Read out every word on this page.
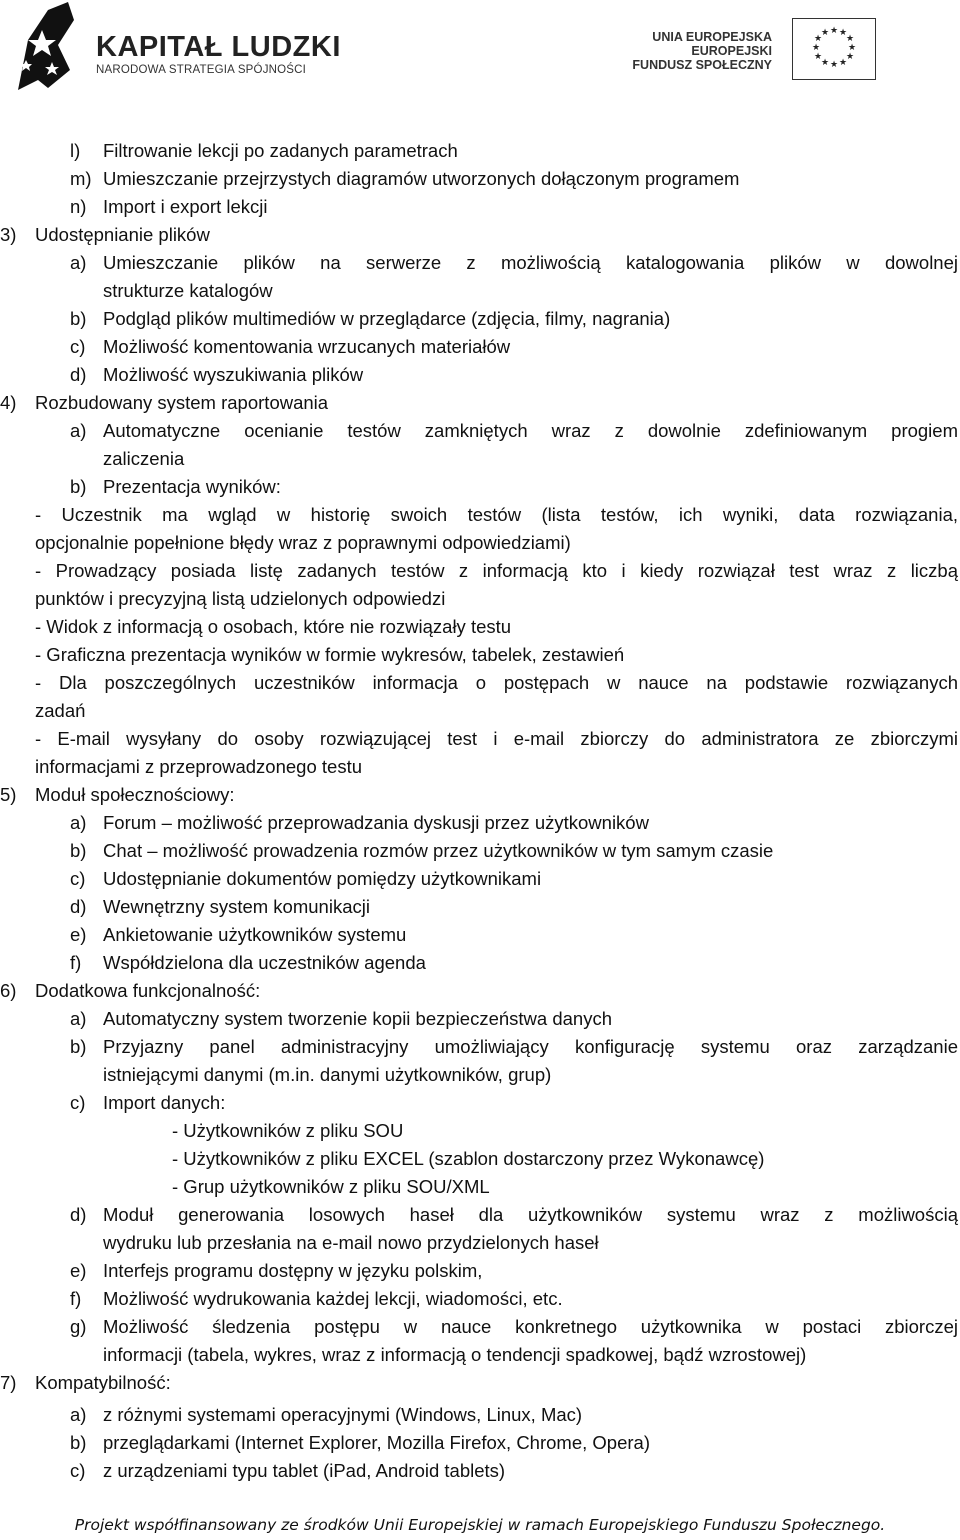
KAPITAŁ LUDZKI
NARODOWA STRATEGIA SPÓJNOŚCI
UNIA EUROPEJSKA
EUROPEJSKI
FUNDUSZ SPOŁECZNY
★ ★
★
★
★
★
★
★
★
★
★
★
l) Filtrowanie lekcji po zadanych parametrach
m) Umieszczanie przejrzystych diagramów utworzonych dołączonym programem
n) Import i export lekcji
3) Udostępnianie plików
a) Umieszczanie plików na serwerze z możliwością katalogowania plików w dowolnej
strukturze katalogów
b) Podgląd plików multimediów w przeglądarce (zdjęcia, filmy, nagrania)
c) Możliwość komentowania wrzucanych materiałów
d) Możliwość wyszukiwania plików
4) Rozbudowany system raportowania
a) Automatyczne ocenianie testów zamkniętych wraz z dowolnie zdefiniowanym progiem
zaliczenia
b) Prezentacja wyników:
- Uczestnik ma wgląd w historię swoich testów (lista testów, ich wyniki, data rozwiązania,
opcjonalnie popełnione błędy wraz z poprawnymi odpowiedziami)
- Prowadzący posiada listę zadanych testów z informacją kto i kiedy rozwiązał test wraz z liczbą
punktów i precyzyjną listą udzielonych odpowiedzi
- Widok z informacją o osobach, które nie rozwiązały testu
- Graficzna prezentacja wyników w formie wykresów, tabelek, zestawień
- Dla poszczególnych uczestników informacja o postępach w nauce na podstawie rozwiązanych
zadań
- E-mail wysyłany do osoby rozwiązującej test i e-mail zbiorczy do administratora ze zbiorczymi
informacjami z przeprowadzonego testu
5) Moduł społecznościowy:
a) Forum – możliwość przeprowadzania dyskusji przez użytkowników
b) Chat – możliwość prowadzenia rozmów przez użytkowników w tym samym czasie
c) Udostępnianie dokumentów pomiędzy użytkownikami
d) Wewnętrzny system komunikacji
e) Ankietowanie użytkowników systemu
f) Współdzielona dla uczestników agenda
6) Dodatkowa funkcjonalność:
a) Automatyczny system tworzenie kopii bezpieczeństwa danych
b) Przyjazny panel administracyjny umożliwiający konfigurację systemu oraz zarządzanie
istniejącymi danymi (m.in. danymi użytkowników, grup)
c) Import danych:
- Użytkowników z pliku SOU
- Użytkowników z pliku EXCEL (szablon dostarczony przez Wykonawcę)
- Grup użytkowników z pliku SOU/XML
d) Moduł generowania losowych haseł dla użytkowników systemu wraz z możliwością
wydruku lub przesłania na e-mail nowo przydzielonych haseł
e) Interfejs programu dostępny w języku polskim,
f) Możliwość wydrukowania każdej lekcji, wiadomości, etc.
g) Możliwość śledzenia postępu w nauce konkretnego użytkownika w postaci zbiorczej
informacji (tabela, wykres, wraz z informacją o tendencji spadkowej, bądź wzrostowej)
7) Kompatybilność:
a) z różnymi systemami operacyjnymi (Windows, Linux, Mac)
b) przeglądarkami (Internet Explorer, Mozilla Firefox, Chrome, Opera)
c) z urządzeniami typu tablet (iPad, Android tablets)
Projekt współfinansowany ze środków Unii Europejskiej w ramach Europejskiego Funduszu Społecznego.
